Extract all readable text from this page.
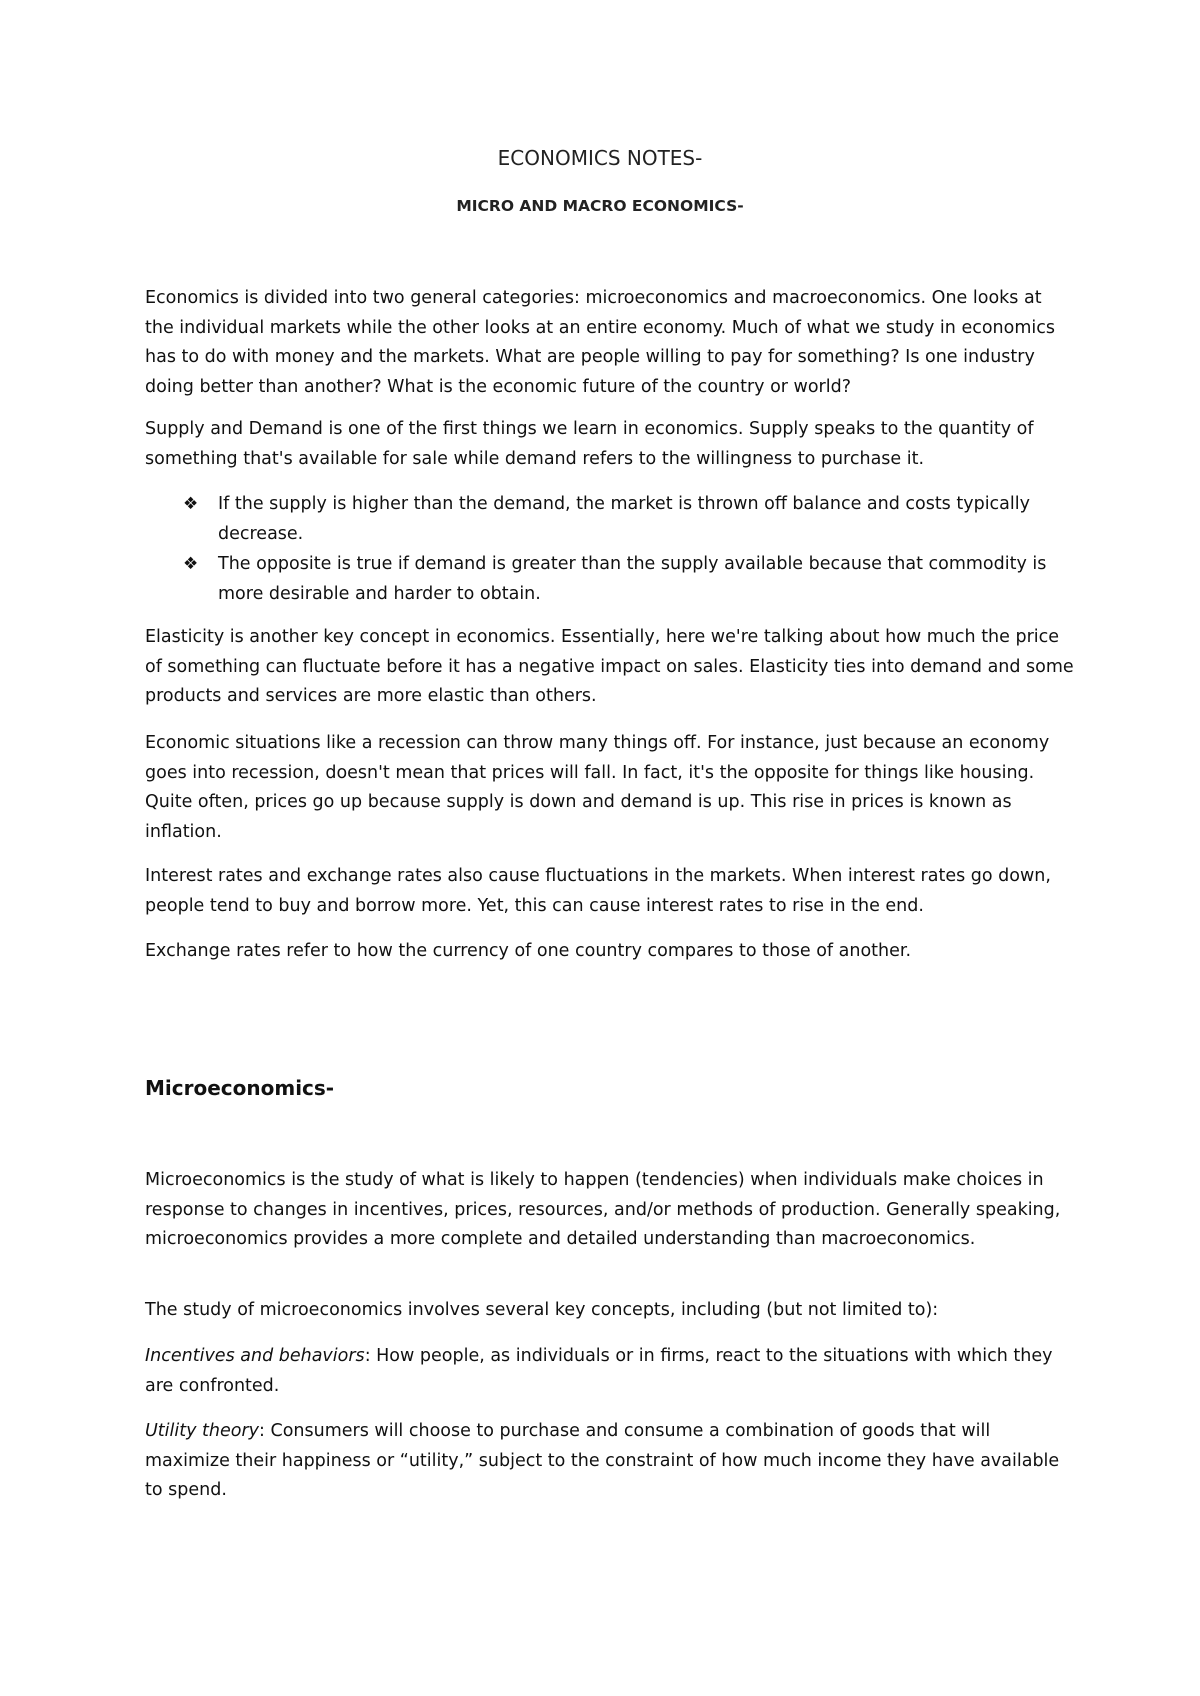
ECONOMICS NOTES-
MICRO AND MACRO ECONOMICS-

Economics is divided into two general categories: microeconomics and macroeconomics. One looks at the individual markets while the other looks at an entire economy. Much of what we study in economics has to do with money and the markets. What are people willing to pay for something? Is one industry doing better than another? What is the economic future of the country or world?

Supply and Demand is one of the first things we learn in economics. Supply speaks to the quantity of something that's available for sale while demand refers to the willingness to purchase it.

❖ If the supply is higher than the demand, the market is thrown off balance and costs typically decrease.
❖ The opposite is true if demand is greater than the supply available because that commodity is more desirable and harder to obtain.

Elasticity is another key concept in economics. Essentially, here we're talking about how much the price of something can fluctuate before it has a negative impact on sales. Elasticity ties into demand and some products and services are more elastic than others.

Economic situations like a recession can throw many things off. For instance, just because an economy goes into recession, doesn't mean that prices will fall. In fact, it's the opposite for things like housing. Quite often, prices go up because supply is down and demand is up. This rise in prices is known as inflation.

Interest rates and exchange rates also cause fluctuations in the markets. When interest rates go down, people tend to buy and borrow more. Yet, this can cause interest rates to rise in the end.

Exchange rates refer to how the currency of one country compares to those of another.

Microeconomics-

Microeconomics is the study of what is likely to happen (tendencies) when individuals make choices in response to changes in incentives, prices, resources, and/or methods of production. Generally speaking, microeconomics provides a more complete and detailed understanding than macroeconomics.

The study of microeconomics involves several key concepts, including (but not limited to):

Incentives and behaviors: How people, as individuals or in firms, react to the situations with which they are confronted.

Utility theory: Consumers will choose to purchase and consume a combination of goods that will maximize their happiness or “utility,” subject to the constraint of how much income they have available to spend.
